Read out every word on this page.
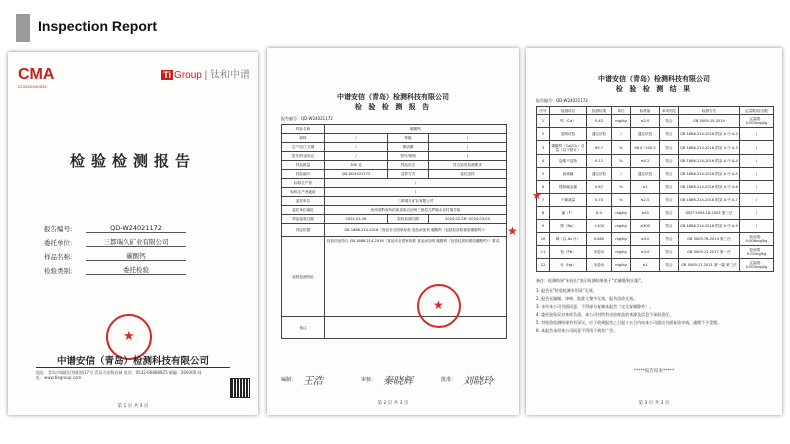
Inspection Report
CMA
221520340532
Ti Group | 钛和中谱
检验检测报告
报告编号:	QD-W24021172
委托单位:	三都瑞久矿业有限公司
样品名称:	碳酸钙
检验类别:	委托检验
★
中谱安信（青岛）检测科技有限公司
地址：青岛市城阳区锦阳路17号 青岛天安数码城 电话：0532-66868825 邮编：266000 网址：www.tiegroup.com
第 1 页 共 3 页
中谱安信（青岛）检测科技有限公司
检 验 检 测 报 告
报告编号：QD-W24021172
样品名称	碳酸钙		
颜料	/	等级	/
生产/加工日期	/	保质期	/
批号/样品标记	/	型号/规格	/
样品数量	300 克	样品状态	符合检验检测要求
样品编号	QD-W24021172	送样方式	委托送样
标称生产者	/		
标称生产者地址	/		
委托单位	三都瑞久矿业有限公司		
委托单位地址	贵州省黔南布依族苗族自治州三都县九阡镇水各村瑞学组		
样品接收日期	2024-02-26	检验检测日期	2024-02-26~2024-03-05
判定依据	GB 1886.214-2016《食品安全国家标准 食品添加剂 碳酸钙（包括轻质和重质碳酸钙）》		
检验检测结论	检验结论符合 GB 1886.214-2016《食品安全国家标准 食品添加剂 碳酸钙（包括轻质和重质碳酸钙）》要求。		
备注			
★
★
编制： 王浩	审核： 秦晓辉	批准： 刘晓玲
第 2 页 共 3 页
中谱安信（青岛）检测科技有限公司
检 验 检 测 结 果
报告编号：QD-W24021172
序号	检测项目	检测结果	单位	标准值	单项判定	检测方法	定量限/检出限
1	钙（Ca）	0.42	mg/kg	≤2.0	符合	GB 5009.15-2014	定量限：0.003mg/kg
2	鉴别试验	通过试验	/	通过试验	符合	GB 1886.214-2016 附录 A 中 A.2	/
3	碳酸钙（CaCO₃）含量（以干基计）	99.7	%	98.0~100.5	符合	GB 1886.214-2016 附录 A 中 A.3	/
4	盐酸不溶物	0.12	%	≤0.2	符合	GB 1886.214-2016 附录 A 中 A.4	/
5	游离碱	通过试验	/	通过试验	符合	GB 1886.214-2016 附录 A 中 A.5	/
6	镁和碱金属	0.87	%	≤1	符合	GB 1886.214-2016 附录 A 中 A.6	/
7	干燥减量	0.70	%	≤2.0	符合	GB 1886.214-2016 附录 A 中 A.7	/
8	氟（F）	8.4	mg/kg	≤50	符合	GB/T 5009.18-2003 第三法	/
9	钡（Ba）	<100	mg/kg	≤300	符合	GB 1886.214-2016 附录 A 中 A.9	/
10	砷（以 As 计）	0.680	mg/kg	≤3.0	符合	GB 5009.76-2014 第三法	检出限：0.006mg/kg
11	铅（Pb）	未检出	mg/kg	≤3.0	符合	GB 5009.12-2017 第一法	检出限：0.02mg/kg
12	汞（Hg）	未检出	mg/kg	≤1	符合	GB 5009.17-2021 第一篇 第三法	定量限：0.003mg/kg
备注：检测结果"未检出"表示检测结果低于"定量限/检出限"。
1. 报告无"检验检测专用章"无效。
2. 报告无编制、审核、批准人签字无效，报告涂改无效。
3. 未经本公司书面同意，不得部分复制本报告（完全复制除外）。
4. 委托检验仅对来样负责，本公司对所有送检样品的来源及信息不承担责任。
5. 对检验检测结果若有异议，应于收到报告之日起十五日内向本公司提出书面复检申请，逾期不予受理。
6. 本报告未经本公司同意不得用于商业广告。
★
*****报告结束*****
第 3 页 共 3 页
